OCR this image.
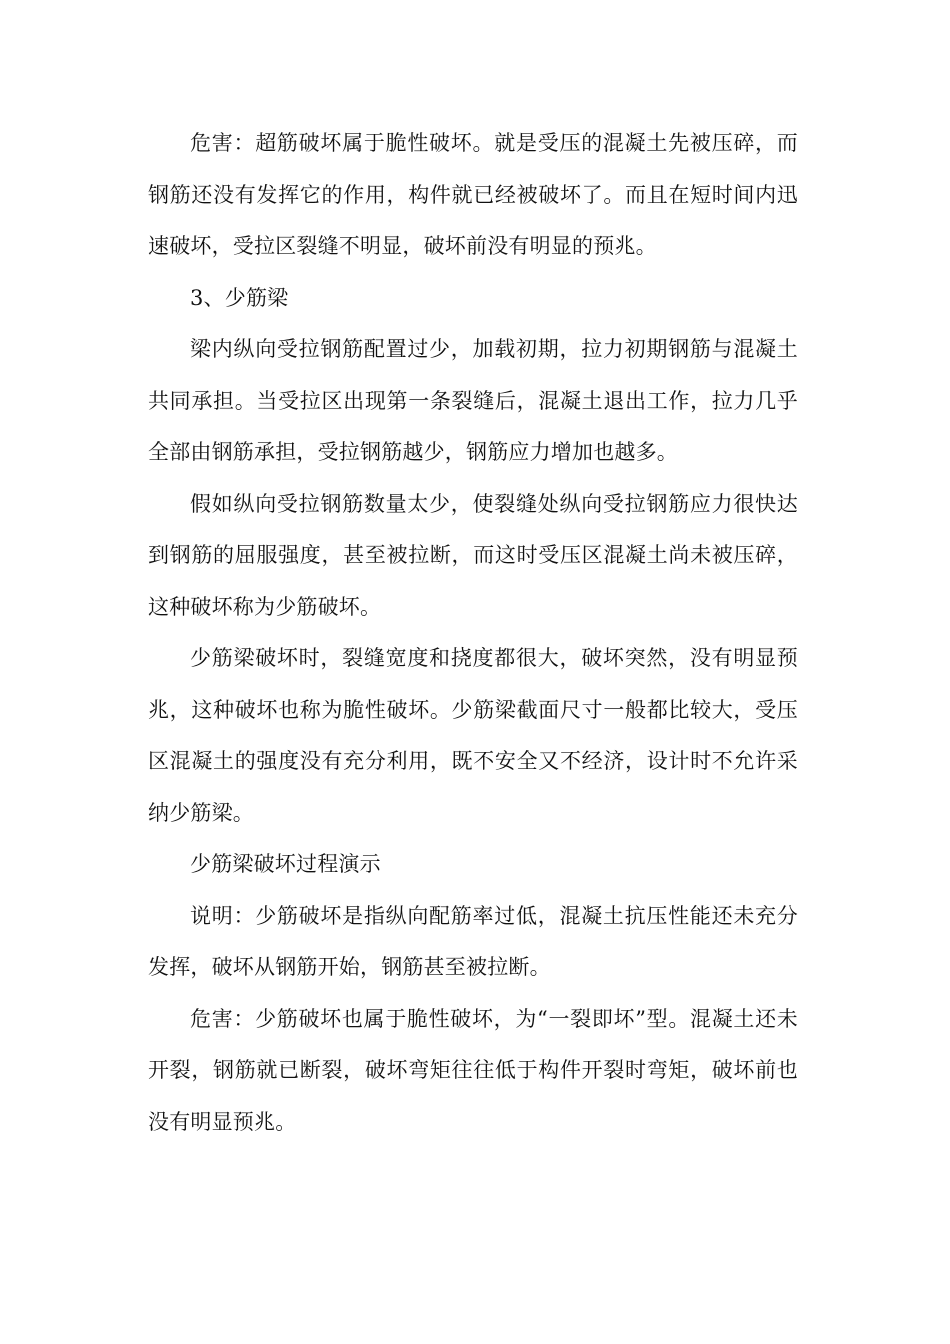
危害：超筋破坏属于脆性破坏。就是受压的混凝土先被压碎，而钢筋还没有发挥它的作用，构件就已经被破坏了。而且在短时间内迅速破坏，受拉区裂缝不明显，破坏前没有明显的预兆。

3、少筋梁

梁内纵向受拉钢筋配置过少，加载初期，拉力初期钢筋与混凝土共同承担。当受拉区出现第一条裂缝后，混凝土退出工作，拉力几乎全部由钢筋承担，受拉钢筋越少，钢筋应力增加也越多。

假如纵向受拉钢筋数量太少，使裂缝处纵向受拉钢筋应力很快达到钢筋的屈服强度，甚至被拉断，而这时受压区混凝土尚未被压碎，这种破坏称为少筋破坏。

少筋梁破坏时，裂缝宽度和挠度都很大，破坏突然，没有明显预兆，这种破坏也称为脆性破坏。少筋梁截面尺寸一般都比较大，受压区混凝土的强度没有充分利用，既不安全又不经济，设计时不允许采纳少筋梁。

少筋梁破坏过程演示

说明：少筋破坏是指纵向配筋率过低，混凝土抗压性能还未充分发挥，破坏从钢筋开始，钢筋甚至被拉断。

危害：少筋破坏也属于脆性破坏，为“一裂即坏”型。混凝土还未开裂，钢筋就已断裂，破坏弯矩往往低于构件开裂时弯矩，破坏前也没有明显预兆。
